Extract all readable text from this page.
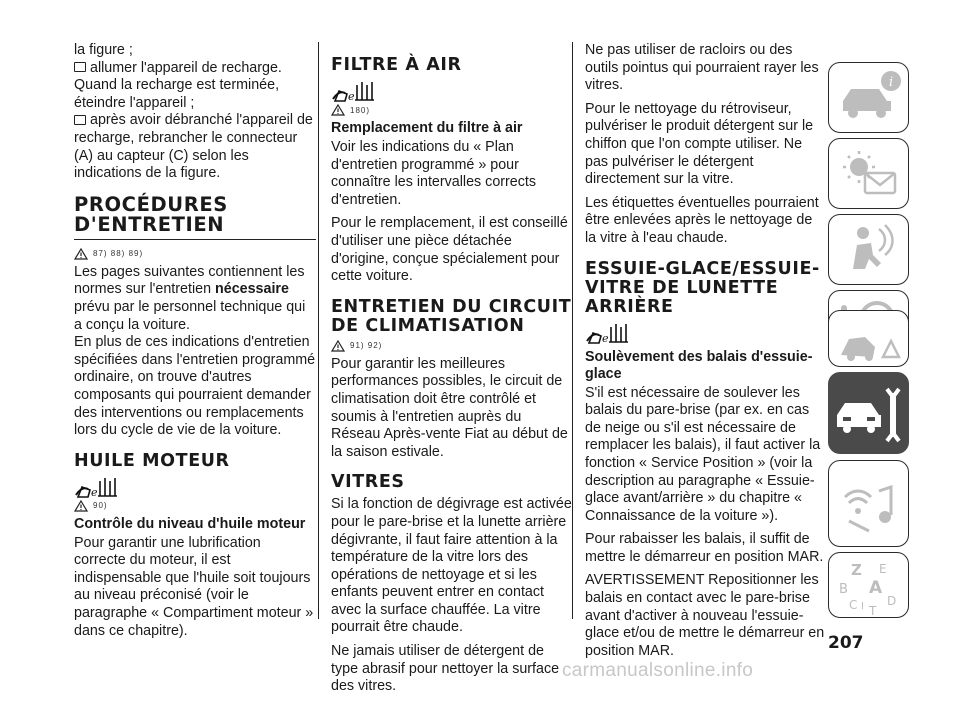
la figure ;

allumer l'appareil de recharge. Quand la recharge est terminée, éteindre l'appareil ;

après avoir débranché l'appareil de recharge, rebrancher le connecteur (A) au capteur (C) selon les indications de la figure.

PROCÉDURES D'ENTRETIEN
87) 88) 89)

Les pages suivantes contiennent les normes sur l'entretien nécessaire prévu par le personnel technique qui a conçu la voiture.

En plus de ces indications d'entretien spécifiées dans l'entretien programmé ordinaire, on trouve d'autres composants qui pourraient demander des interventions ou remplacements lors du cycle de vie de la voiture.

HUILE MOTEUR
e
90)
Contrôle du niveau d'huile moteur

Pour garantir une lubrification correcte du moteur, il est indispensable que l'huile soit toujours au niveau préconisé (voir le paragraphe « Compartiment moteur » dans ce chapitre).

FILTRE À AIR
e
180)
Remplacement du filtre à air

Voir les indications du « Plan d'entretien programmé » pour connaître les intervalles corrects d'entretien.

Pour le remplacement, il est conseillé d'utiliser une pièce détachée d'origine, conçue spécialement pour cette voiture.

ENTRETIEN DU CIRCUIT DE CLIMATISATION
91) 92)

Pour garantir les meilleures performances possibles, le circuit de climatisation doit être contrôlé et soumis à l'entretien auprès du Réseau Après-vente Fiat au début de la saison estivale.

VITRES

Si la fonction de dégivrage est activée pour le pare-brise et la lunette arrière dégivrante, il faut faire attention à la température de la vitre lors des opérations de nettoyage et si les enfants peuvent entrer en contact avec la surface chauffée. La vitre pourrait être chaude.

Ne jamais utiliser de détergent de type abrasif pour nettoyer la surface des vitres.

Ne pas utiliser de racloirs ou des outils pointus qui pourraient rayer les vitres.

Pour le nettoyage du rétroviseur, pulvériser le produit détergent sur le chiffon que l'on compte utiliser. Ne pas pulvériser le détergent directement sur la vitre.

Les étiquettes éventuelles pourraient être enlevées après le nettoyage de la vitre à l'eau chaude.

ESSUIE-GLACE/ESSUIE-VITRE DE LUNETTE ARRIÈRE
e
Soulèvement des balais d'essuie-glace

S'il est nécessaire de soulever les balais du pare-brise (par ex. en cas de neige ou s'il est nécessaire de remplacer les balais), il faut activer la fonction « Service Position » (voir la description au paragraphe « Essuie-glace avant/arrière » du chapitre « Connaissance de la voiture »).

Pour rabaisser les balais, il suffit de mettre le démarreur en position MAR.

AVERTISSEMENT Repositionner les balais en contact avec le pare-brise avant d'activer à nouveau l'essuie-glace et/ou de mettre le démarreur en position MAR.

i
Z E
B A
C D
T
I
207
carmanualsonline.info
